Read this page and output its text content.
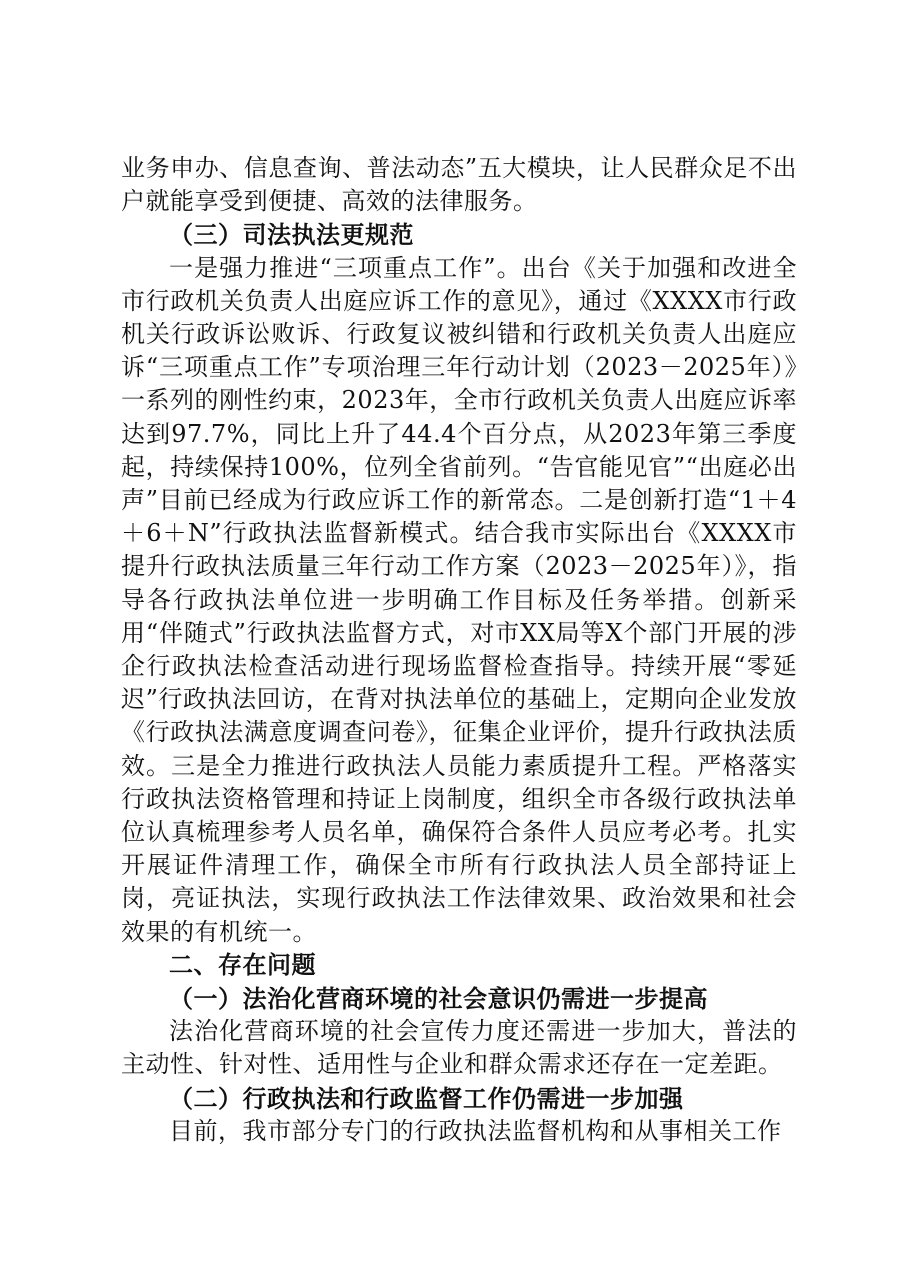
业务申办、信息查询、普法动态”五大模块，让人民群众足不出户就能享受到便捷、高效的法律服务。

（三）司法执法更规范

一是强力推进“三项重点工作”。出台《关于加强和改进全市行政机关负责人出庭应诉工作的意见》，通过《XXXX市行政机关行政诉讼败诉、行政复议被纠错和行政机关负责人出庭应诉“三项重点工作”专项治理三年行动计划（2023－2025年）》一系列的刚性约束，2023年，全市行政机关负责人出庭应诉率达到97.7%，同比上升了44.4个百分点，从2023年第三季度起，持续保持100%，位列全省前列。“告官能见官”“出庭必出声”目前已经成为行政应诉工作的新常态。二是创新打造“1＋4＋6＋N”行政执法监督新模式。结合我市实际出台《XXXX市提升行政执法质量三年行动工作方案（2023－2025年）》，指导各行政执法单位进一步明确工作目标及任务举措。创新采用“伴随式”行政执法监督方式，对市XX局等X个部门开展的涉企行政执法检查活动进行现场监督检查指导。持续开展“零延迟”行政执法回访，在背对执法单位的基础上，定期向企业发放《行政执法满意度调查问卷》，征集企业评价，提升行政执法质效。三是全力推进行政执法人员能力素质提升工程。严格落实行政执法资格管理和持证上岗制度，组织全市各级行政执法单位认真梳理参考人员名单，确保符合条件人员应考必考。扎实开展证件清理工作，确保全市所有行政执法人员全部持证上岗，亮证执法，实现行政执法工作法律效果、政治效果和社会效果的有机统一。

二、存在问题

（一）法治化营商环境的社会意识仍需进一步提高

法治化营商环境的社会宣传力度还需进一步加大，普法的主动性、针对性、适用性与企业和群众需求还存在一定差距。

（二）行政执法和行政监督工作仍需进一步加强

目前，我市部分专门的行政执法监督机构和从事相关工作
